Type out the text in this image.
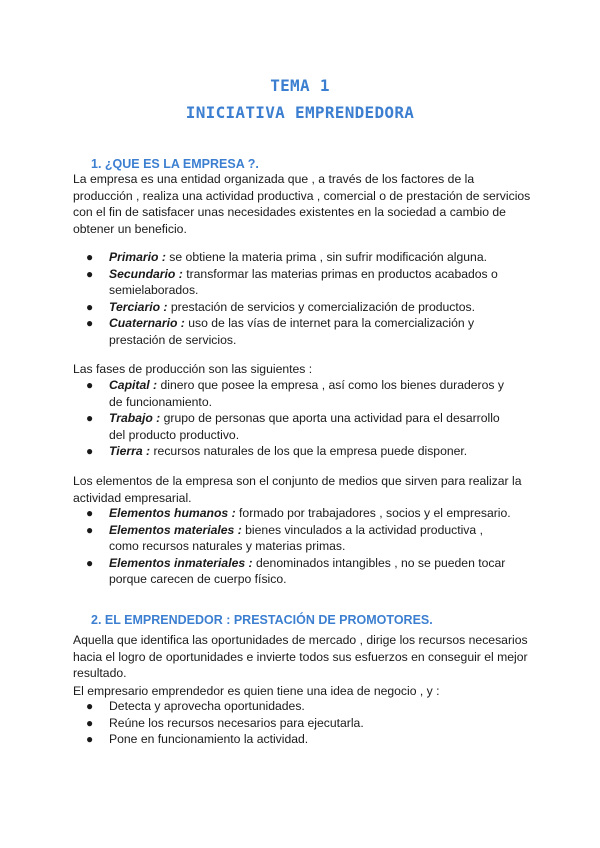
TEMA 1
INICIATIVA EMPRENDEDORA
1. ¿QUE ES LA EMPRESA ?.
La empresa es una entidad organizada que , a través de los factores de la producción , realiza una actividad productiva , comercial o de prestación de servicios con el fin de satisfacer unas necesidades existentes en la sociedad a cambio de obtener un beneficio.
● Primario : se obtiene la materia prima , sin sufrir modificación alguna.
● Secundario : transformar las materias primas en productos acabados o semielaborados.
● Terciario : prestación de servicios y comercialización de productos.
● Cuaternario : uso de las vías de internet para la comercialización y prestación de servicios.
Las fases de producción son las siguientes :
● Capital : dinero que posee la empresa , así como los bienes duraderos y de funcionamiento.
● Trabajo : grupo de personas que aporta una actividad para el desarrollo del producto productivo.
● Tierra : recursos naturales de los que la empresa puede disponer.
Los elementos de la empresa son el conjunto de medios que sirven para realizar la actividad empresarial.
● Elementos humanos : formado por trabajadores , socios y el empresario.
● Elementos materiales : bienes vinculados a la actividad productiva , como recursos naturales y materias primas.
● Elementos inmateriales : denominados intangibles , no se pueden tocar porque carecen de cuerpo físico.
2. EL EMPRENDEDOR : PRESTACIÓN DE PROMOTORES.
Aquella que identifica las oportunidades de mercado , dirige los recursos necesarios hacia el logro de oportunidades e invierte todos sus esfuerzos en conseguir el mejor resultado.
El empresario emprendedor es quien tiene una idea de negocio , y :
● Detecta y aprovecha oportunidades.
● Reúne los recursos necesarios para ejecutarla.
● Pone en funcionamiento la actividad.
